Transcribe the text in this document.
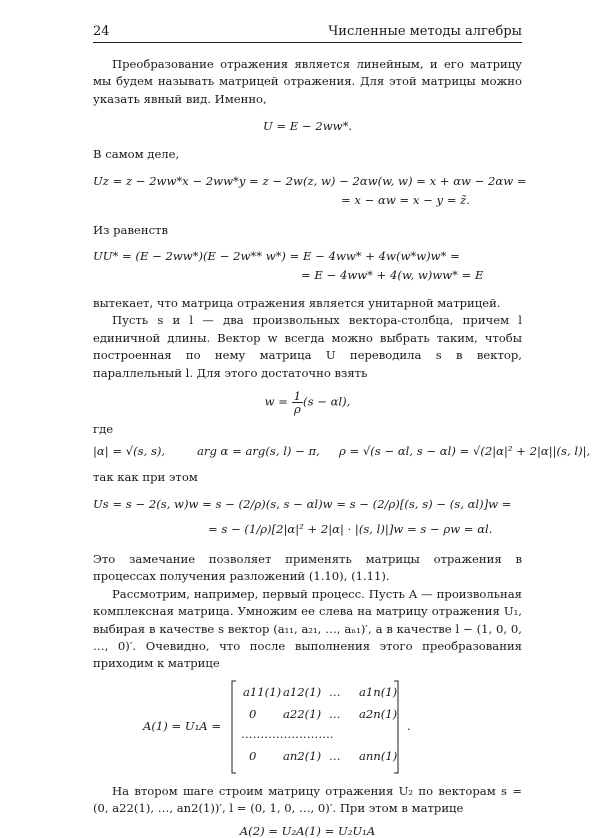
24	Численные методы алгебры

Преобразование отражения является линейным, и его матрицу мы будем называть матрицей отражения. Для этой матрицы можно указать явный вид. Именно,

U = E − 2ww*.

В самом деле,

Uz = z − 2ww*x − 2ww*y = z − 2w(z, w) − 2αw(w, w) = x + αw − 2αw =
= x − αw = x − y = z̃.

Из равенств

UU* = (E − 2ww*)(E − 2w** w*) = E − 4ww* + 4w(w*w)w* =
= E − 4ww* + 4(w, w)ww* = E

вытекает, что матрица отражения является унитарной матрицей.

Пусть s и l — два произвольных вектора-столбца, причем l единичной длины. Вектор w всегда можно выбрать таким, чтобы построенная по нему матрица U переводила s в вектор, параллельный l. Для этого достаточно взять

$w = \frac{1}{\rho} (s - \alpha l)$,

где

|α| = √(s, s),	arg α = arg(s, l) − π, ρ = √(s − αl, s − αl) = √(2|α|² + 2|α||(s, l)|,

так как при этом

Us = s − 2(s, w)w = s − (2/ρ)(s, s − αl)w = s − (2/ρ)[(s, s) − (s, αl)]w =
= s − (1/ρ)[2|α|² + 2|α| · |(s, l)|]w = s − ρw = αl.

Это замечание позволяет применять матрицы отражения в процессах получения разложений (1.10), (1.11).

Рассмотрим, например, первый процесс. Пусть A — произвольная комплексная матрица. Умножим ее слева на матрицу отражения U₁, выбирая в качестве s вектор (a₁₁, a₂₁, …, aₙ₁)′, а в качестве l − (1, 0, 0, …, 0)′. Очевидно, что после выполнения этого преобразования приходим к матрице

A(1) = U₁A =
a11(1) a12(1) … a1n(1)
0 a22(1) … a2n(1)
……………………
0 an2(1) … ann(1)
.

На втором шаге строим матрицу отражения U₂ по векторам s = (0, a22(1), …, an2(1))′, l = (0, 1, 0, …, 0)′. При этом в матрице

A(2) = U₂A(1) = U₂U₁A
